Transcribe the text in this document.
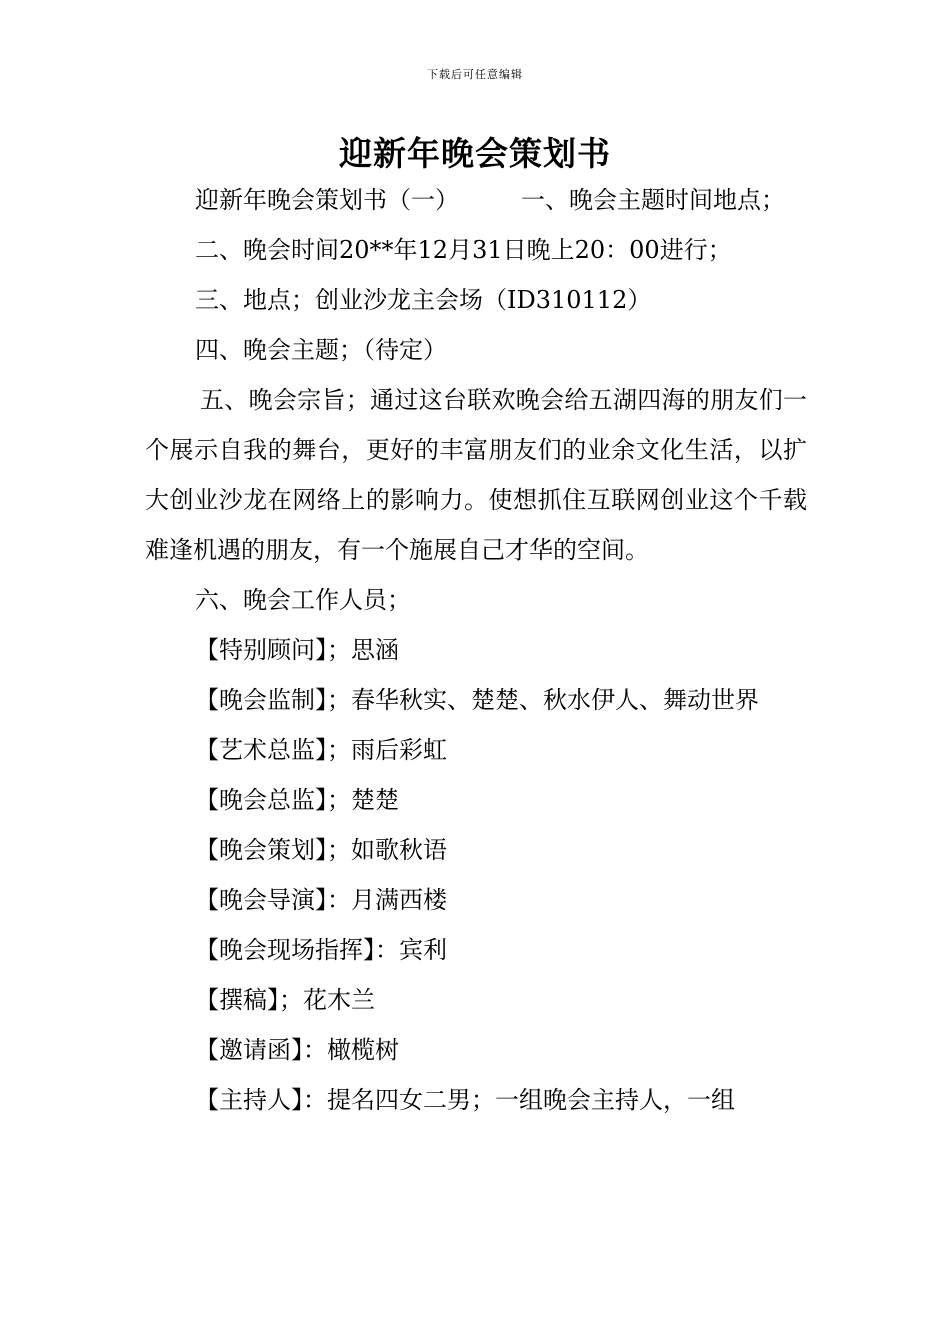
下载后可任意编辑
迎新年晚会策划书

迎新年晚会策划书（一）	一、晚会主题时间地点；

二、晚会时间20**年12月31日晚上20：00进行；

三、地点；创业沙龙主会场（ID310112）

四、晚会主题；（待定）

五、晚会宗旨；通过这台联欢晚会给五湖四海的朋友们一个展示自我的舞台，更好的丰富朋友们的业余文化生活，以扩大创业沙龙在网络上的影响力。使想抓住互联网创业这个千载难逢机遇的朋友，有一个施展自己才华的空间。

六、晚会工作人员；

【特别顾问】；思涵

【晚会监制】；春华秋实、楚楚、秋水伊人、舞动世界

【艺术总监】；雨后彩虹

【晚会总监】；楚楚

【晚会策划】；如歌秋语

【晚会导演】：月满西楼

【晚会现场指挥】：宾利

【撰稿】；花木兰

【邀请函】：橄榄树

【主持人】：提名四女二男；一组晚会主持人，一组
